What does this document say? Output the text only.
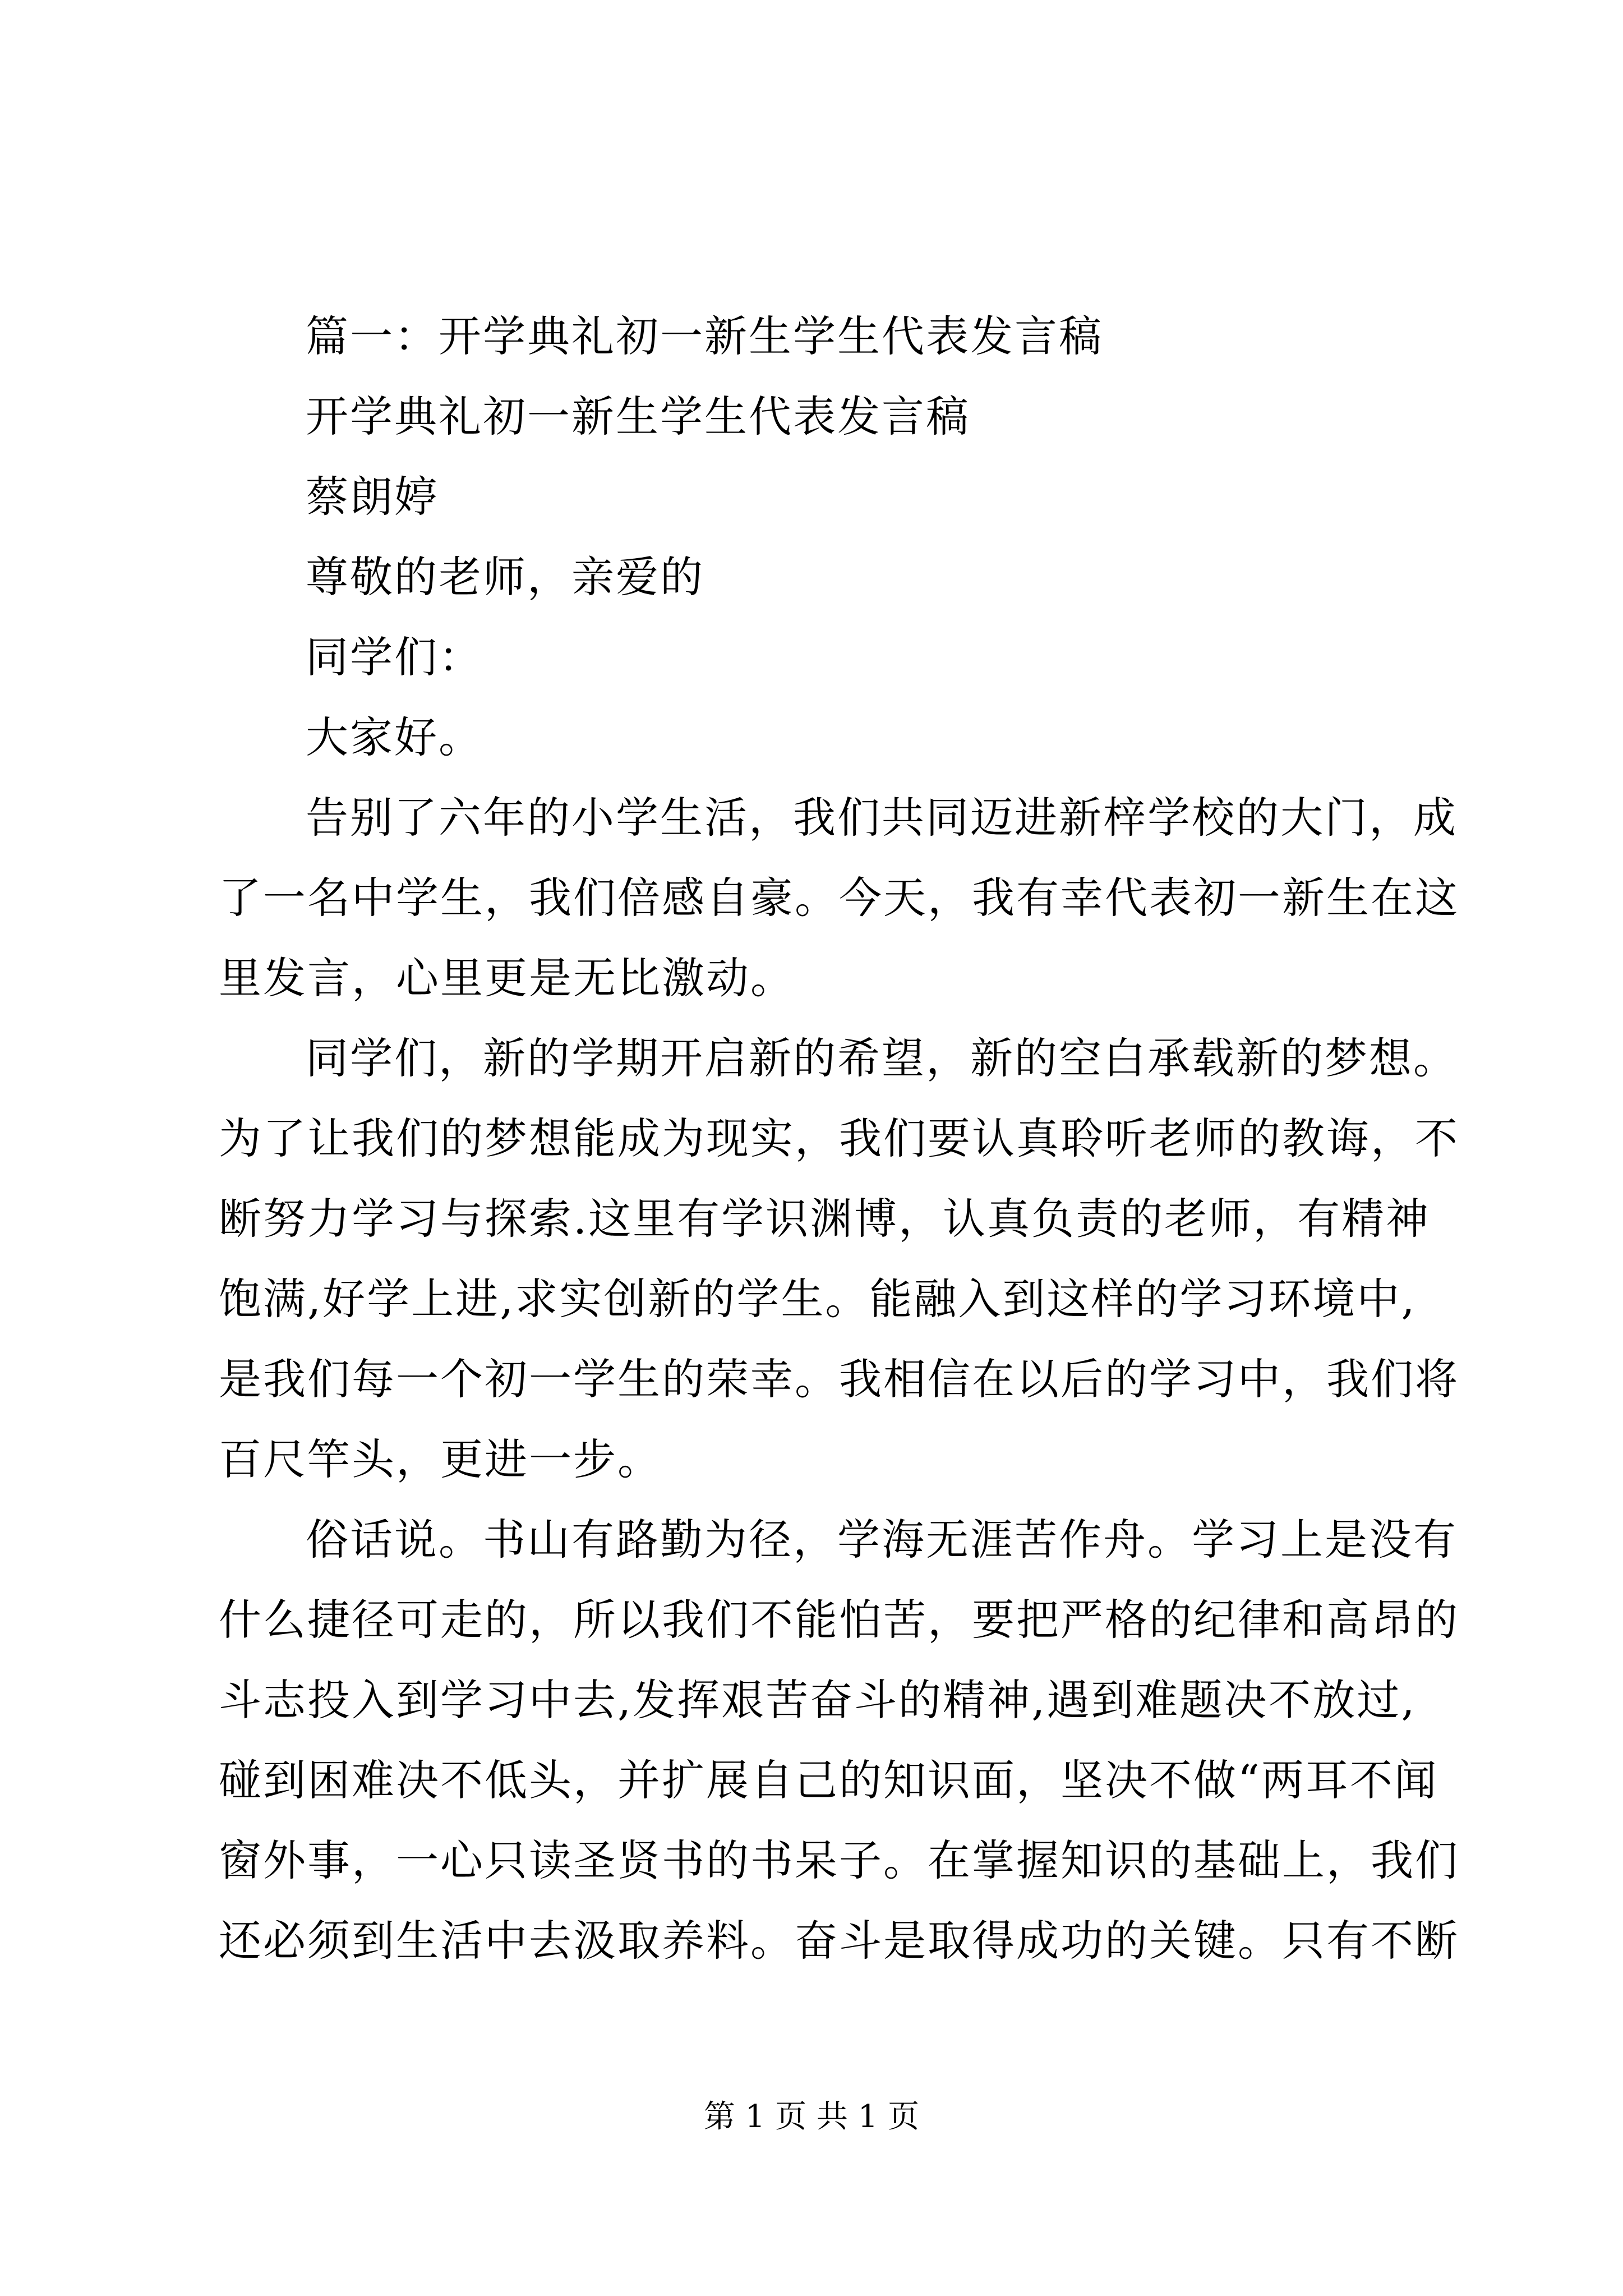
篇一：开学典礼初一新生学生代表发言稿
开学典礼初一新生学生代表发言稿
蔡朗婷
尊敬的老师，亲爱的
同学们：
大家好。
告别了六年的小学生活，我们共同迈进新梓学校的大门，成
了一名中学生，我们倍感自豪。今天，我有幸代表初一新生在这
里发言，心里更是无比激动。
同学们，新的学期开启新的希望，新的空白承载新的梦想。
为了让我们的梦想能成为现实，我们要认真聆听老师的教诲，不
断努力学习与探索.这里有学识渊博，认真负责的老师，有精神
饱满,好学上进,求实创新的学生。能融入到这样的学习环境中,
是我们每一个初一学生的荣幸。我相信在以后的学习中，我们将
百尺竿头，更进一步。
俗话说。书山有路勤为径，学海无涯苦作舟。学习上是没有
什么捷径可走的，所以我们不能怕苦，要把严格的纪律和高昂的
斗志投入到学习中去,发挥艰苦奋斗的精神,遇到难题决不放过,
碰到困难决不低头，并扩展自己的知识面，坚决不做“两耳不闻
窗外事，一心只读圣贤书的书呆子。在掌握知识的基础上，我们
还必须到生活中去汲取养料。奋斗是取得成功的关键。只有不断
第 1 页 共 1 页
